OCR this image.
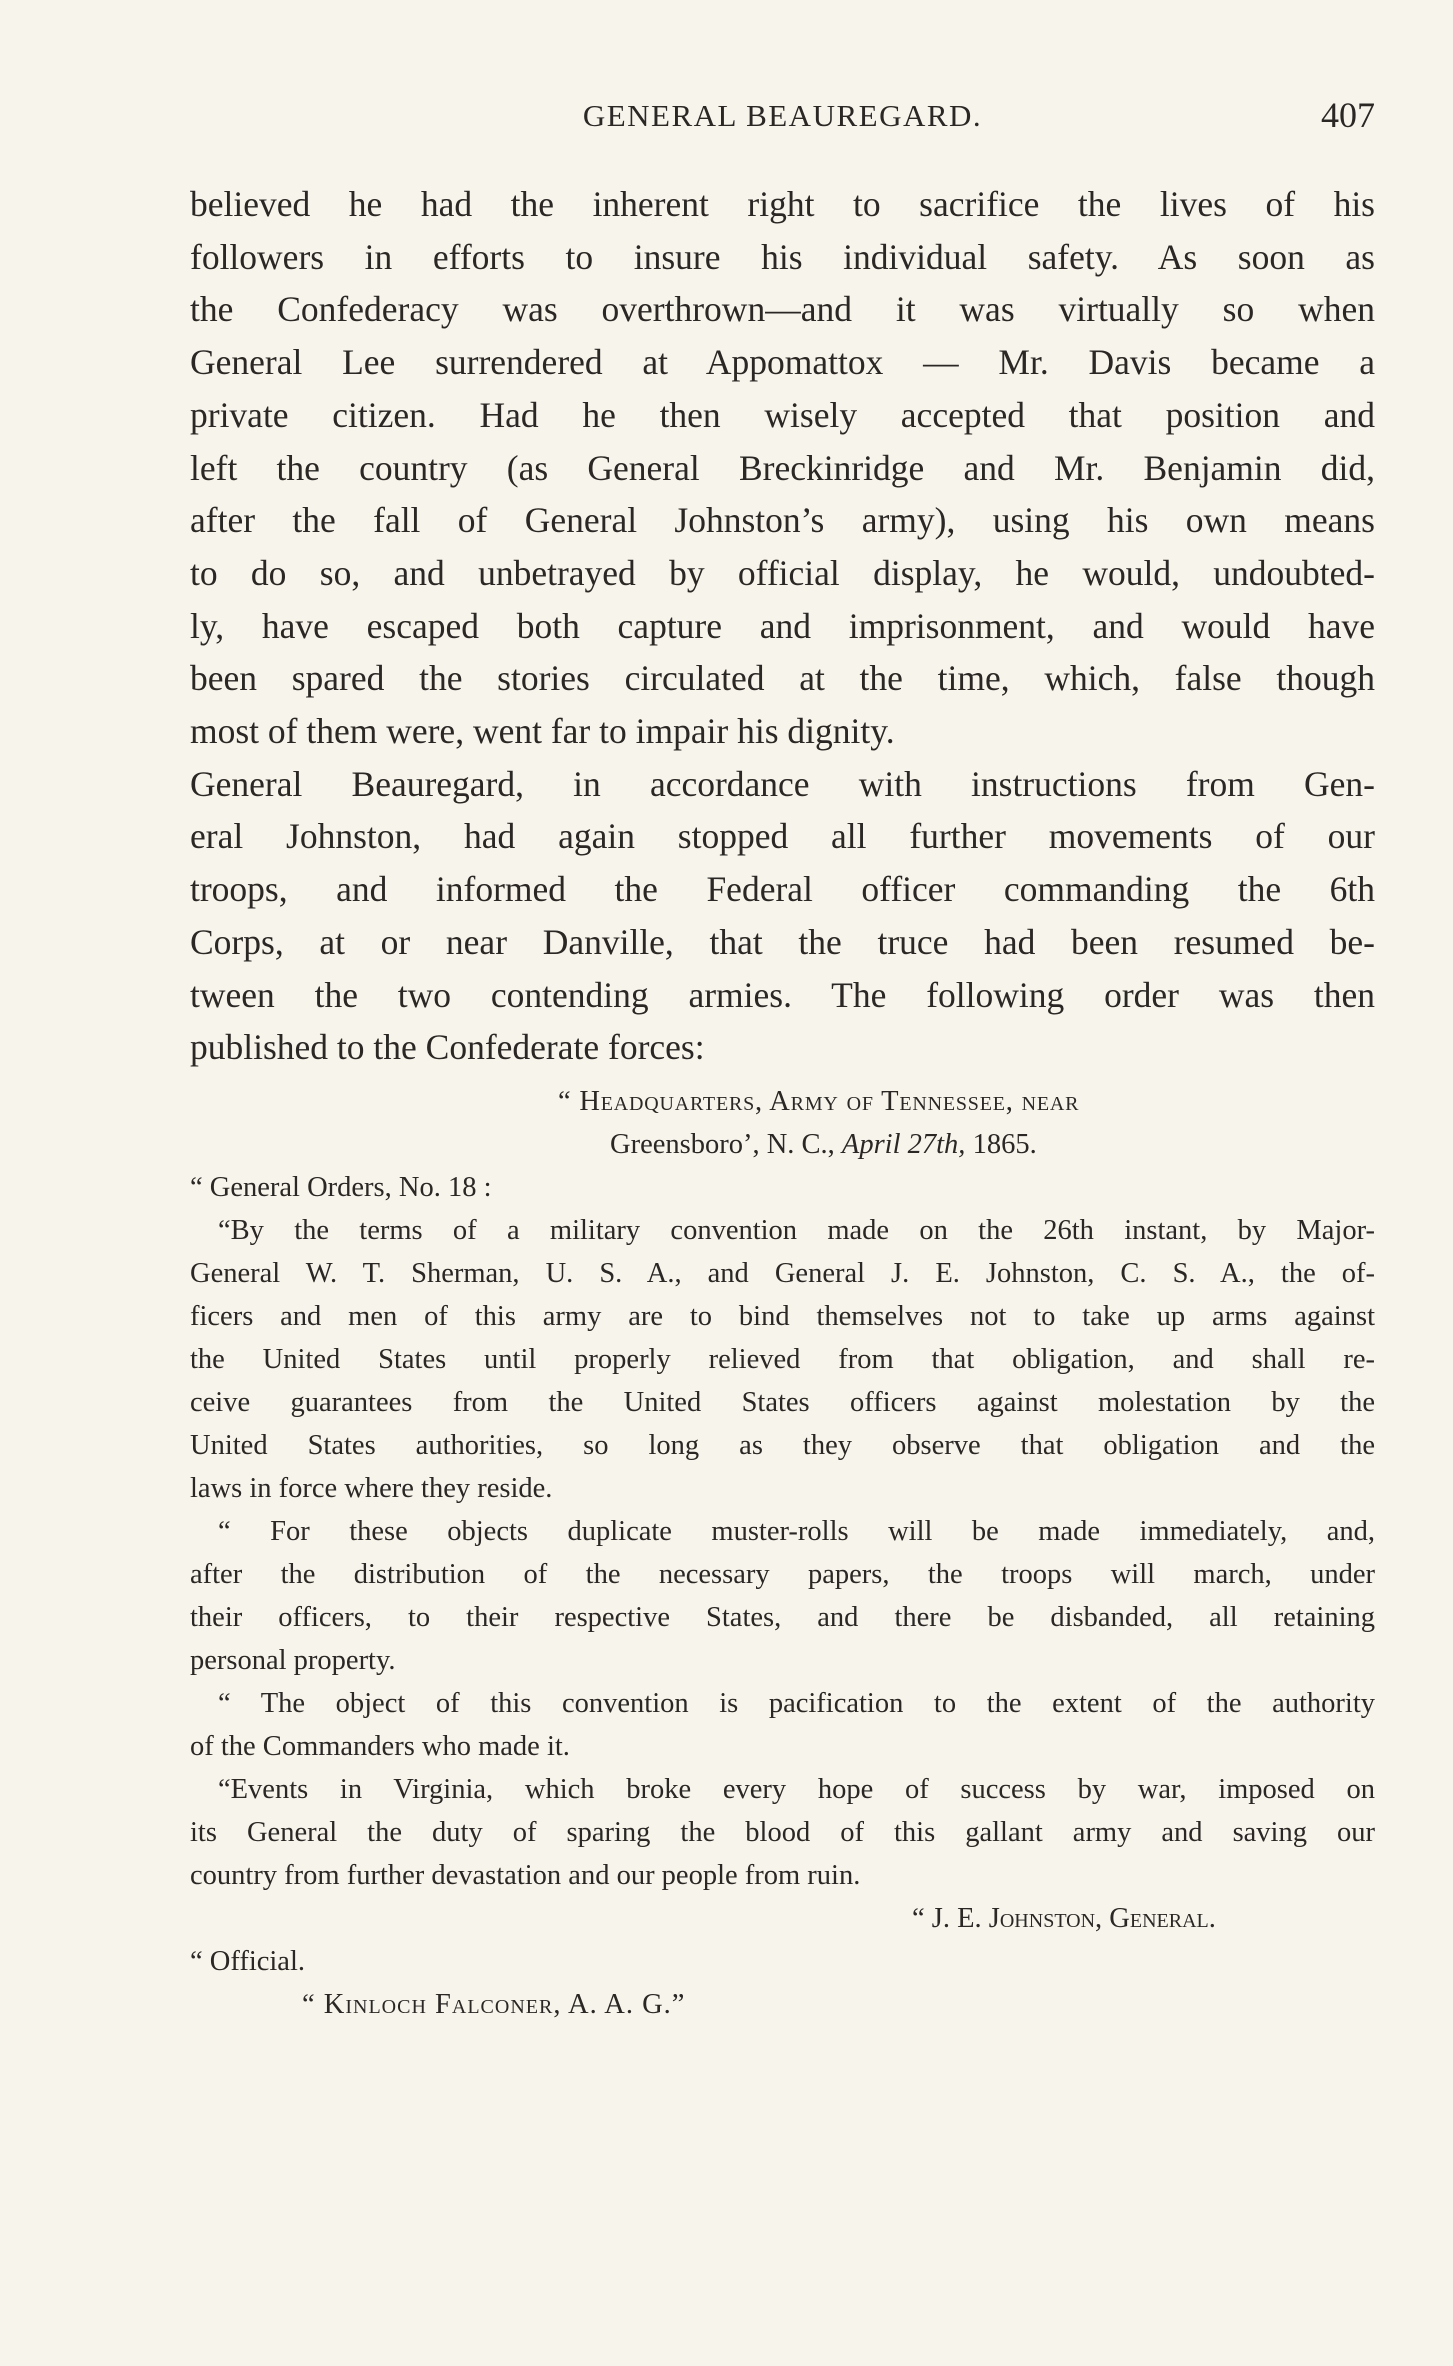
GENERAL BEAUREGARD.	407

believed he had the inherent right to sacrifice the lives of his
followers in efforts to insure his individual safety. As soon as
the Confederacy was overthrown—and it was virtually so when
General Lee surrendered at Appomattox — Mr. Davis became a
private citizen. Had he then wisely accepted that position and
left the country (as General Breckinridge and Mr. Benjamin did,
after the fall of General Johnston’s army), using his own means
to do so, and unbetrayed by official display, he would, undoubted-
ly, have escaped both capture and imprisonment, and would have
been spared the stories circulated at the time, which, false though
most of them were, went far to impair his dignity.

General Beauregard, in accordance with instructions from Gen-
eral Johnston, had again stopped all further movements of our
troops, and informed the Federal officer commanding the 6th
Corps, at or near Danville, that the truce had been resumed be-
tween the two contending armies. The following order was then
published to the Confederate forces:

“ Headquarters, Army of Tennessee, near
Greensboro’, N. C., April 27th, 1865.
“ General Orders, No. 18 :
“By the terms of a military convention made on the 26th instant, by Major-
General W. T. Sherman, U. S. A., and General J. E. Johnston, C. S. A., the of-
ficers and men of this army are to bind themselves not to take up arms against
the United States until properly relieved from that obligation, and shall re-
ceive guarantees from the United States officers against molestation by the
United States authorities, so long as they observe that obligation and the
laws in force where they reside.
“ For these objects duplicate muster-rolls will be made immediately, and,
after the distribution of the necessary papers, the troops will march, under
their officers, to their respective States, and there be disbanded, all retaining
personal property.
“ The object of this convention is pacification to the extent of the authority
of the Commanders who made it.
“Events in Virginia, which broke every hope of success by war, imposed on
its General the duty of sparing the blood of this gallant army and saving our
country from further devastation and our people from ruin.
“ J. E. Johnston, General.
“ Official.
“ Kinloch Falconer, A. A. G.”
